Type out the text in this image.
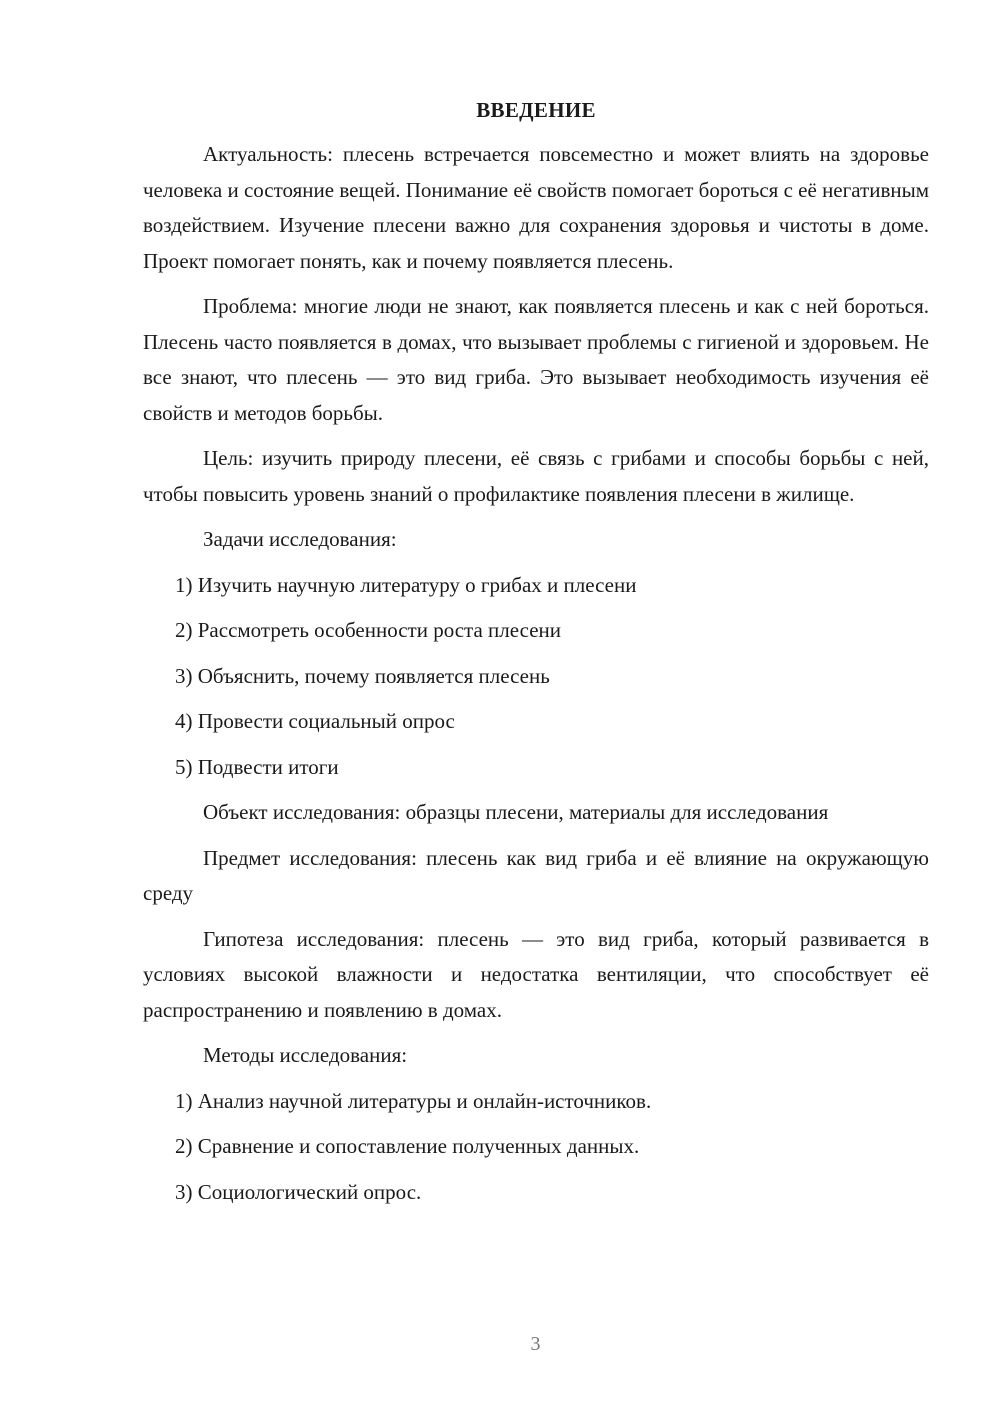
ВВЕДЕНИЕ

Актуальность: плесень встречается повсеместно и может влиять на здоровье человека и состояние вещей. Понимание её свойств помогает бороться с её негативным воздействием. Изучение плесени важно для сохранения здоровья и чистоты в доме. Проект помогает понять, как и почему появляется плесень.

Проблема: многие люди не знают, как появляется плесень и как с ней бороться. Плесень часто появляется в домах, что вызывает проблемы с гигиеной и здоровьем. Не все знают, что плесень — это вид гриба. Это вызывает необходимость изучения её свойств и методов борьбы.

Цель: изучить природу плесени, её связь с грибами и способы борьбы с ней, чтобы повысить уровень знаний о профилактике появления плесени в жилище.

Задачи исследования:

1) Изучить научную литературу о грибах и плесени
2) Рассмотреть особенности роста плесени
3) Объяснить, почему появляется плесень
4) Провести социальный опрос
5) Подвести итоги

Объект исследования: образцы плесени, материалы для исследования

Предмет исследования: плесень как вид гриба и её влияние на окружающую среду

Гипотеза исследования: плесень — это вид гриба, который развивается в условиях высокой влажности и недостатка вентиляции, что способствует её распространению и появлению в домах.

Методы исследования:

1) Анализ научной литературы и онлайн-источников.
2) Сравнение и сопоставление полученных данных.
3) Социологический опрос.
3
